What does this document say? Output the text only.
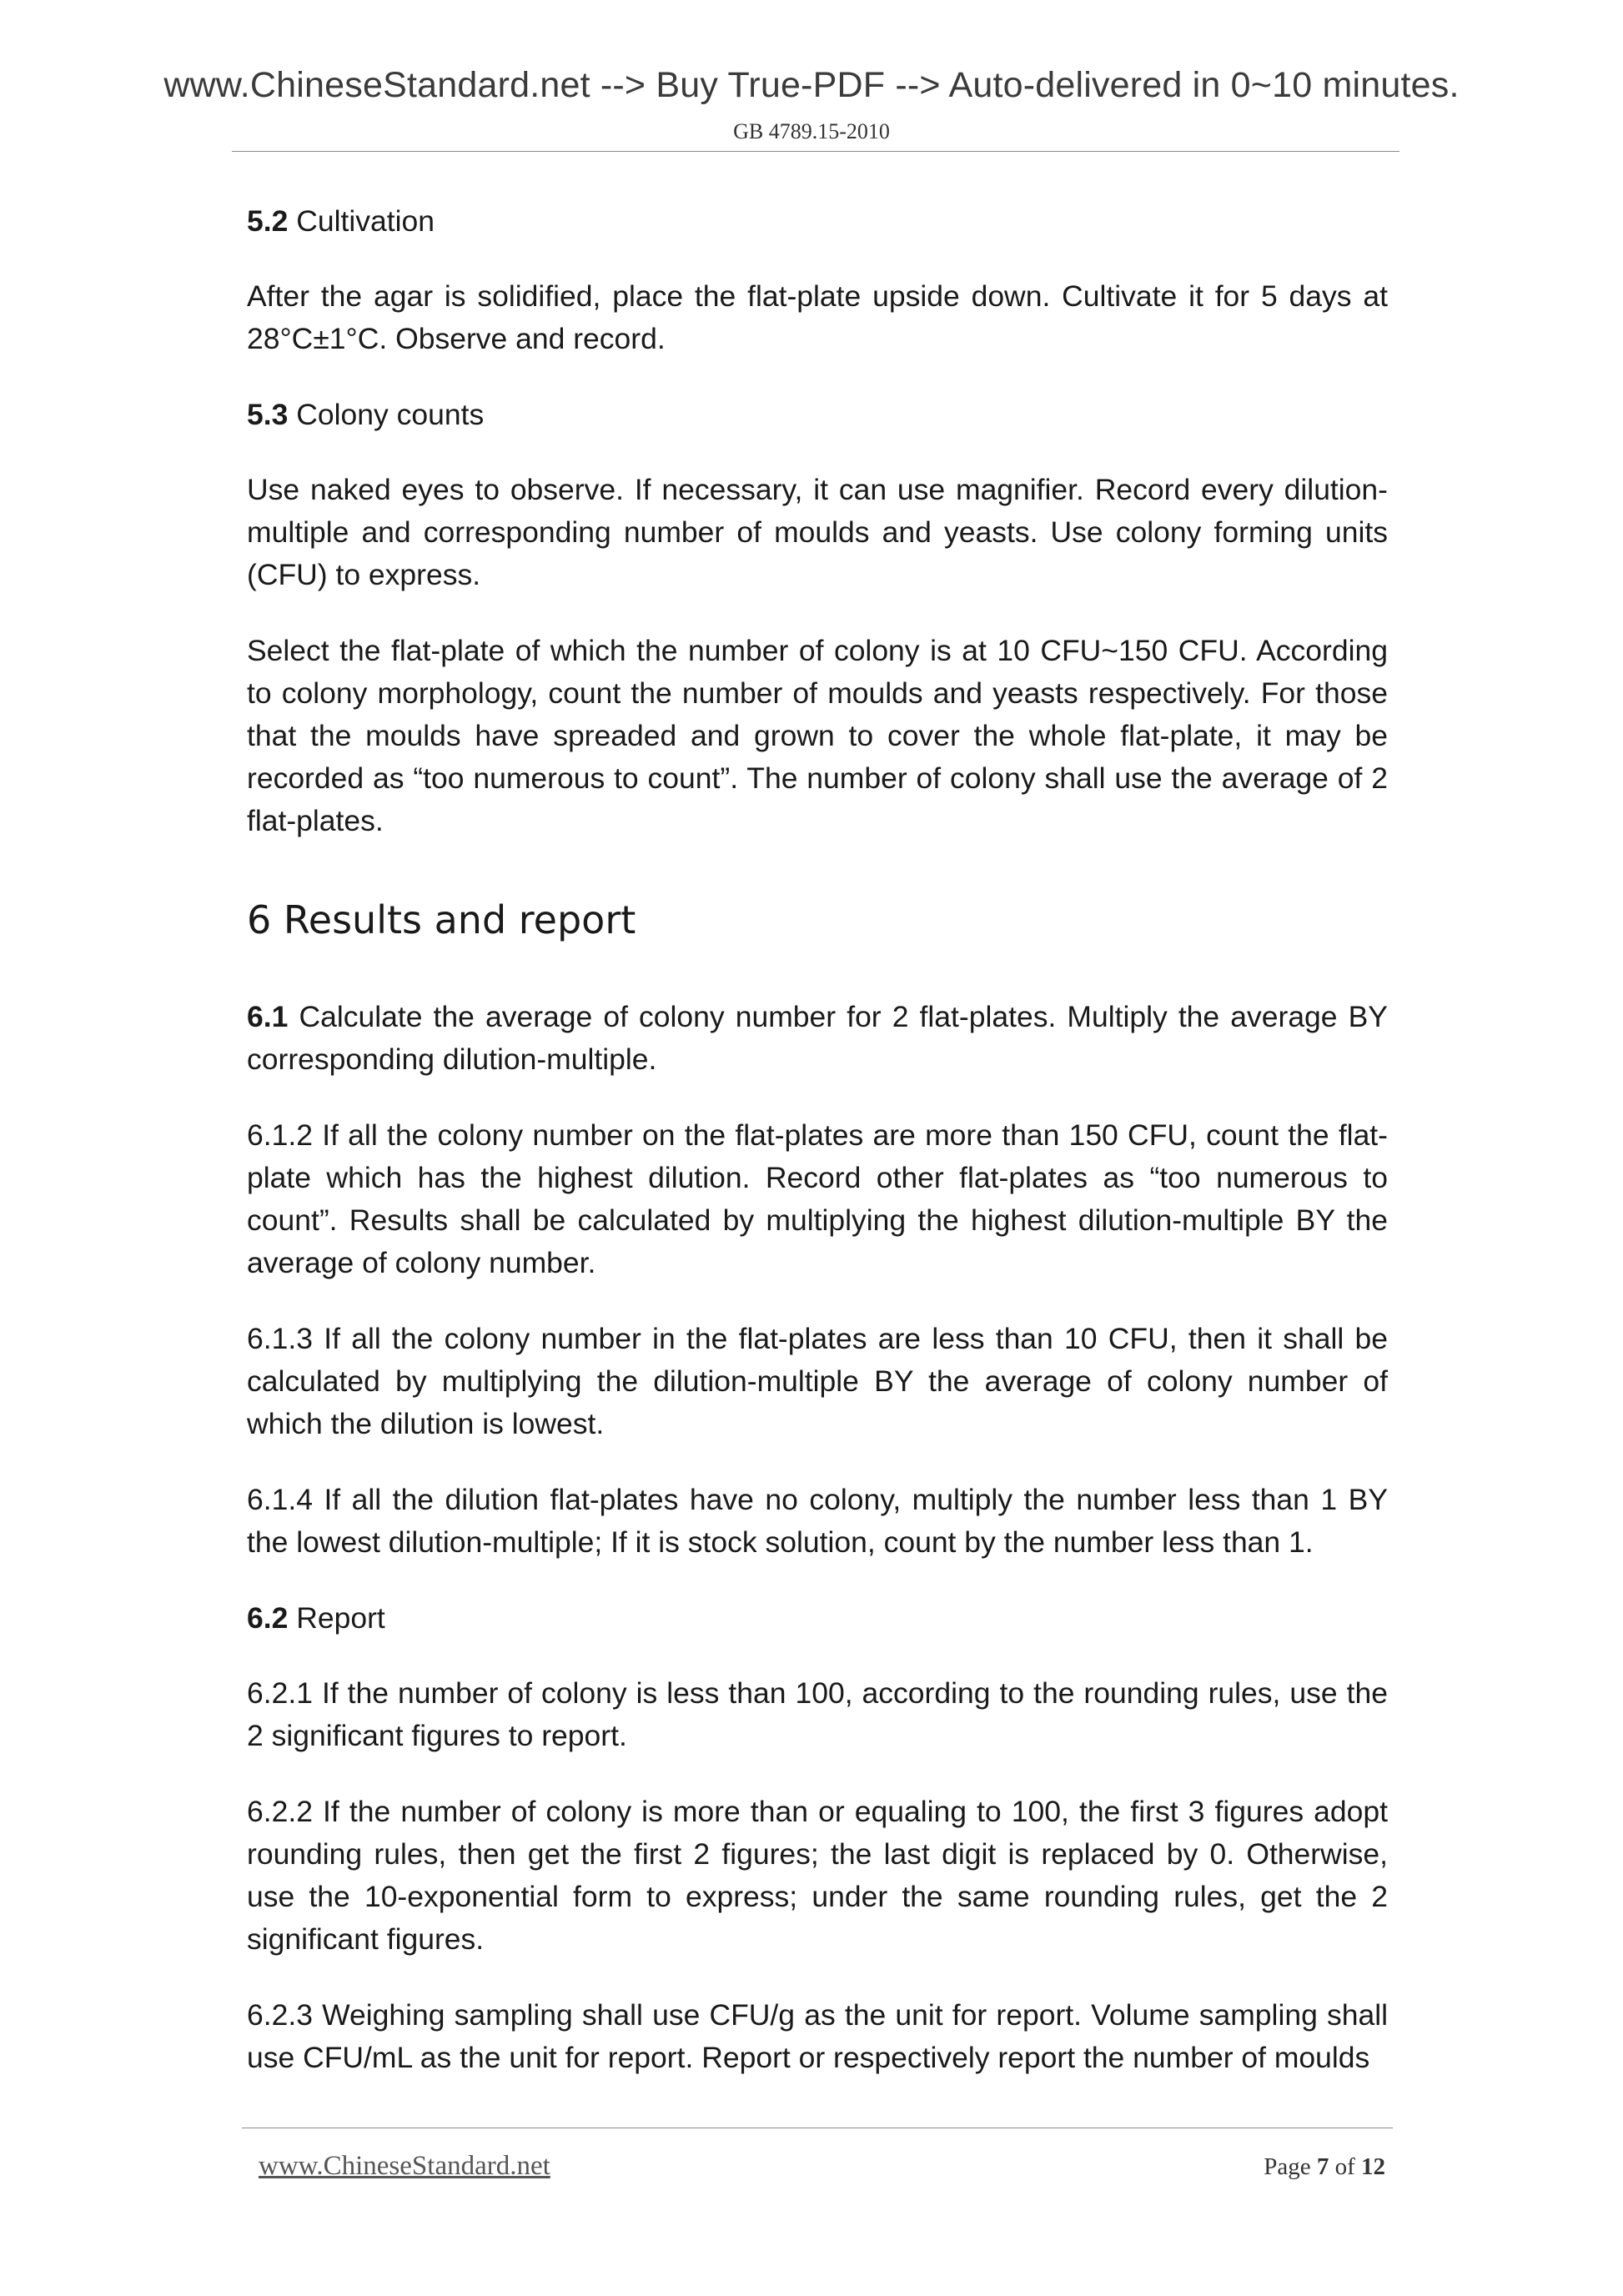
www.ChineseStandard.net --> Buy True-PDF --> Auto-delivered in 0~10 minutes.
GB 4789.15-2010

5.2 Cultivation

After the agar is solidified, place the flat-plate upside down. Cultivate it for 5 days at 28°C±1°C. Observe and record.

5.3 Colony counts

Use naked eyes to observe. If necessary, it can use magnifier. Record every dilution-multiple and corresponding number of moulds and yeasts. Use colony forming units (CFU) to express.

Select the flat-plate of which the number of colony is at 10 CFU~150 CFU. According to colony morphology, count the number of moulds and yeasts respectively. For those that the moulds have spreaded and grown to cover the whole flat-plate, it may be recorded as “too numerous to count”. The number of colony shall use the average of 2 flat-plates.

6 Results and report

6.1 Calculate the average of colony number for 2 flat-plates. Multiply the average BY corresponding dilution-multiple.

6.1.2 If all the colony number on the flat-plates are more than 150 CFU, count the flat-plate which has the highest dilution. Record other flat-plates as “too numerous to count”. Results shall be calculated by multiplying the highest dilution-multiple BY the average of colony number.

6.1.3 If all the colony number in the flat-plates are less than 10 CFU, then it shall be calculated by multiplying the dilution-multiple BY the average of colony number of which the dilution is lowest.

6.1.4 If all the dilution flat-plates have no colony, multiply the number less than 1 BY the lowest dilution-multiple; If it is stock solution, count by the number less than 1.

6.2 Report

6.2.1 If the number of colony is less than 100, according to the rounding rules, use the 2 significant figures to report.

6.2.2 If the number of colony is more than or equaling to 100, the first 3 figures adopt rounding rules, then get the first 2 figures; the last digit is replaced by 0. Otherwise, use the 10-exponential form to express; under the same rounding rules, get the 2 significant figures.

6.2.3 Weighing sampling shall use CFU/g as the unit for report. Volume sampling shall use CFU/mL as the unit for report. Report or respectively report the number of moulds

www.ChineseStandard.net	Page 7 of 12
